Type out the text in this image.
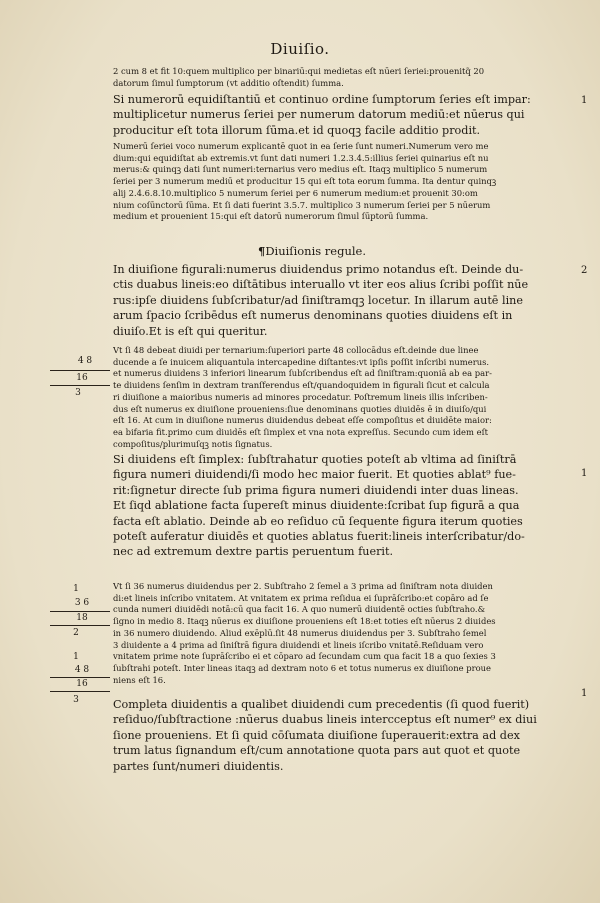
Diuiſio.
2 cum 8 et fit 10:quem multiplico per binariū:qui medietas eſt nūeri ſeriei:prouenitq̃ 20
datorum ſimul ſumptorum (vt additio oſtendit) ſumma.
Si numerorū equidiſtantiū et continuo ordine ſumptorum ſeries eſt impar:
multiplicetur numerus ſeriei per numerum datorum mediū:et nūerus qui
producitur eſt tota illorum ſūma.et id quoqꝫ facile additio prodit.
1
Numerū ſeriei voco numerum explicantē quot in ea ſerie ſunt numeri.Numerum vero me
dium:qui equidiſtat ab extremis.vt ſunt dati numeri 1.2.3.4.5:illius ſeriei quinarius eſt nu
merus:& quinqꝫ dati ſunt numeri:ternarius vero medius eſt. Itaqꝫ multiplico 5 numerum
ſeriei per 3 numerum mediū et producitur 15 qui eſt tota eorum ſumma. Ita dentur quinqꝫ
alij 2.4.6.8.10.multiplico 5 numerum ſeriei per 6 numerum medium:et prouenit 30:om
nium coſūnctorū ſūma. Et ſi dati fuerint 3.5.7. multiplico 3 numerum ſeriei per 5 nūerum
medium et prouenient 15:qui eſt datorū numerorum ſimul ſūptorū ſumma.
¶Diuiſionis regule.
In diuiſione figurali:numerus diuidendus primo notandus eſt. Deinde du-
ctis duabus lineis:eo diſtātibus interuallo vt iter eos alius ſcribi poſſit nūe
rus:ipſe diuidens ſubſcribatur/ad ſiniſtramqꝫ locetur. In illarum autē line
arum ſpacio ſcribēdus eſt numerus denominans quoties diuidens eſt in
diuiſo.Et is eſt qui queritur.
2
Vt ſi 48 debeat diuidi per ternarium:ſuperiori parte 48 collocādus eſt.deinde due linee
ducende a ſe inuicem aliquantula intercapedine diſtantes:vt ipſis poſſit inſcribi numerus.
et numerus diuidens 3 inferiori linearum ſubſcribendus eſt ad ſiniſtram:quoniā ab ea par-
te diuidens ſenſim in dextram tranſferendus eſt/quandoquidem in figurali ſicut et calcula
ri diuiſione a maioribus numeris ad minores procedatur. Poſtremum lineis illis inſcriben-
dus eſt numerus ex diuiſione proueniens:ſiue denominans quoties diuidēs ē in diuiſo/qui
eſt 16. At cum in diuiſione numerus diuidendus debeat eſſe compoſitus et diuidēte maior:
ea bifaria fit.primo cum diuidēs eſt ſimplex et vna nota expreſſus. Secundo cum idem eſt
compoſitus/plurimuſqꝫ notis ſignatus.
4 8
16
3
Si diuidens eſt ſimplex: ſubſtrahatur quoties poteſt ab vltima ad ſiniſtrā
figura numeri diuidendi/ſi modo hec maior fuerit. Et quoties ablat⁹ fue-
rit:ſignetur directe ſub prima figura numeri diuidendi inter duas lineas.
Et ſiqd ablatione facta ſupereſt minus diuidente:ſcribat ſup figurā a qua
facta eſt ablatio. Deinde ab eo reſiduo cū ſequente figura iterum quoties
poteſt auferatur diuidēs et quoties ablatus fuerit:lineis interſcribatur/do-
nec ad extremum dextre partis peruentum fuerit.
1
Vt ſi 36 numerus diuidendus per 2. Subſtraho 2 ſemel a 3 prima ad ſiniſtram nota diuiden
di:et lineis inſcribo vnitatem. At vnitatem ex prima reſidua ei ſuprāſcribo:et copāro ad ſe
cunda numeri diuidēdi notā:cū qua facit 16. A quo numerū diuidentē octies ſubſtraho.&
ſigno in medio 8. Itaqꝫ nūerus ex diuiſione proueniens eſt 18:et toties eſt nūerus 2 diuides
in 36 numero diuidendo. Aliud exēplū.ſit 48 numerus diuidendus per 3. Subſtraho ſemel
3 diuidente a 4 prima ad ſiniſtrā figura diuidendi et lineis iſcribo vnitatē.Reſiduam vero
vnitatem prime note ſuprāſcribo ei et cōparo ad ſecundam cum qua facit 18 a quo ſexies 3
ſubſtrahi poteſt. Inter lineas itaqꝫ ad dextram noto 6 et totus numerus ex diuiſione proue
niens eſt 16.
1
3 6
18
2
1
4 8
16
3	Completa diuidentis a qualibet diuidendi cum precedentis (ſi quod fuerit)
reſiduo/ſubſtractione :nūerus duabus lineis intercceptus eſt numer⁹ ex diui
ſione proueniens. Et ſi quid cōſumata diuiſione ſuperauerit:extra ad dex
trum latus ſignandum eſt/cum annotatione quota pars aut quot et quote
partes ſunt/numeri diuidentis.
1
